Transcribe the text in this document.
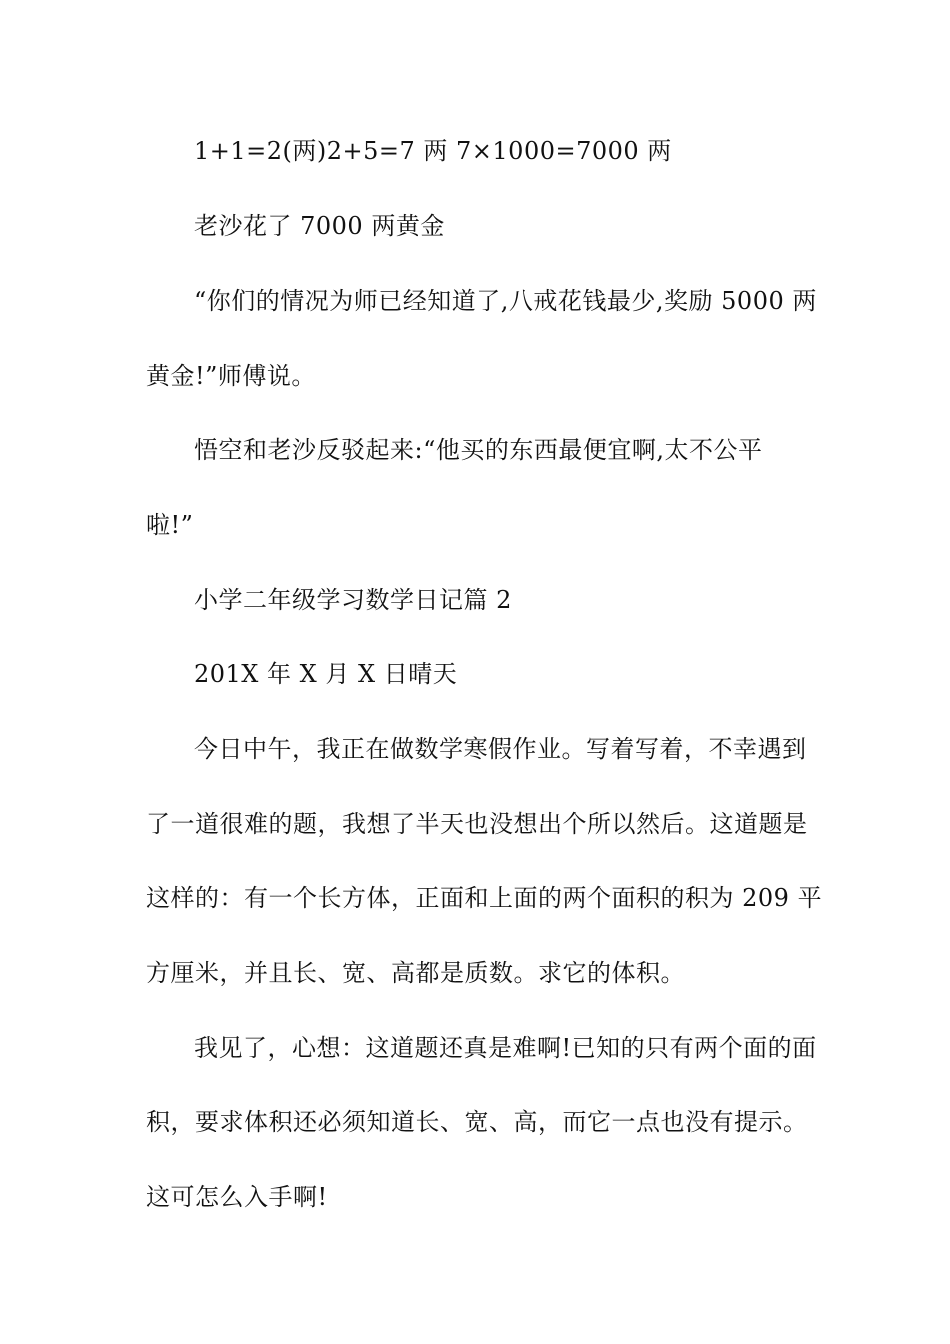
1+1=2(两)2+5=7 两 7×1000=7000 两
老沙花了 7000 两黄金
“你们的情况为师已经知道了,八戒花钱最少,奖励 5000 两
黄金!”师傅说。
悟空和老沙反驳起来:“他买的东西最便宜啊,太不公平
啦!”
小学二年级学习数学日记篇 2
201X 年 X 月 X 日晴天
今日中午，我正在做数学寒假作业。写着写着，不幸遇到
了一道很难的题，我想了半天也没想出个所以然后。这道题是
这样的：有一个长方体，正面和上面的两个面积的积为 209 平
方厘米，并且长、宽、高都是质数。求它的体积。
我见了，心想：这道题还真是难啊!已知的只有两个面的面
积，要求体积还必须知道长、宽、高，而它一点也没有提示。
这可怎么入手啊!
